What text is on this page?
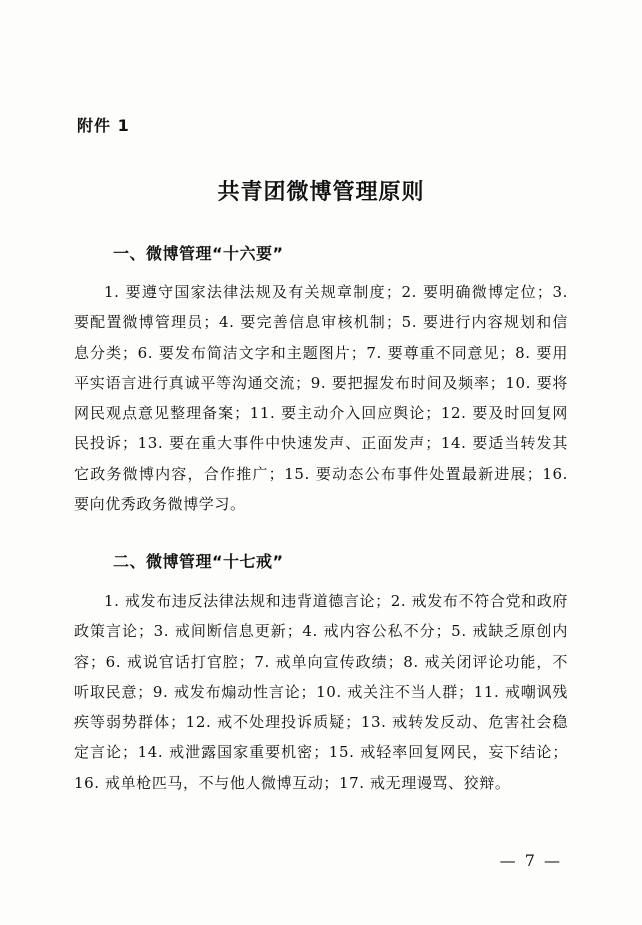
附件 1
共青团微博管理原则
一、微博管理“十六要”
1. 要遵守国家法律法规及有关规章制度；2. 要明确微博定位；3. 要配置微博管理员；4. 要完善信息审核机制；5. 要进行内容规划和信息分类；6. 要发布简洁文字和主题图片；7. 要尊重不同意见；8. 要用平实语言进行真诚平等沟通交流；9. 要把握发布时间及频率；10. 要将网民观点意见整理备案；11. 要主动介入回应舆论；12. 要及时回复网民投诉；13. 要在重大事件中快速发声、正面发声；14. 要适当转发其它政务微博内容，合作推广；15. 要动态公布事件处置最新进展；16. 要向优秀政务微博学习。
二、微博管理“十七戒”
1. 戒发布违反法律法规和违背道德言论；2. 戒发布不符合党和政府政策言论；3. 戒间断信息更新；4. 戒内容公私不分；5. 戒缺乏原创内容；6. 戒说官话打官腔；7. 戒单向宣传政绩；8. 戒关闭评论功能，不听取民意；9. 戒发布煽动性言论；10. 戒关注不当人群；11. 戒嘲讽残疾等弱势群体；12. 戒不处理投诉质疑；13. 戒转发反动、危害社会稳定言论；14. 戒泄露国家重要机密；15. 戒轻率回复网民，妄下结论；16. 戒单枪匹马，不与他人微博互动；17. 戒无理谩骂、狡辩。
— 7 —
